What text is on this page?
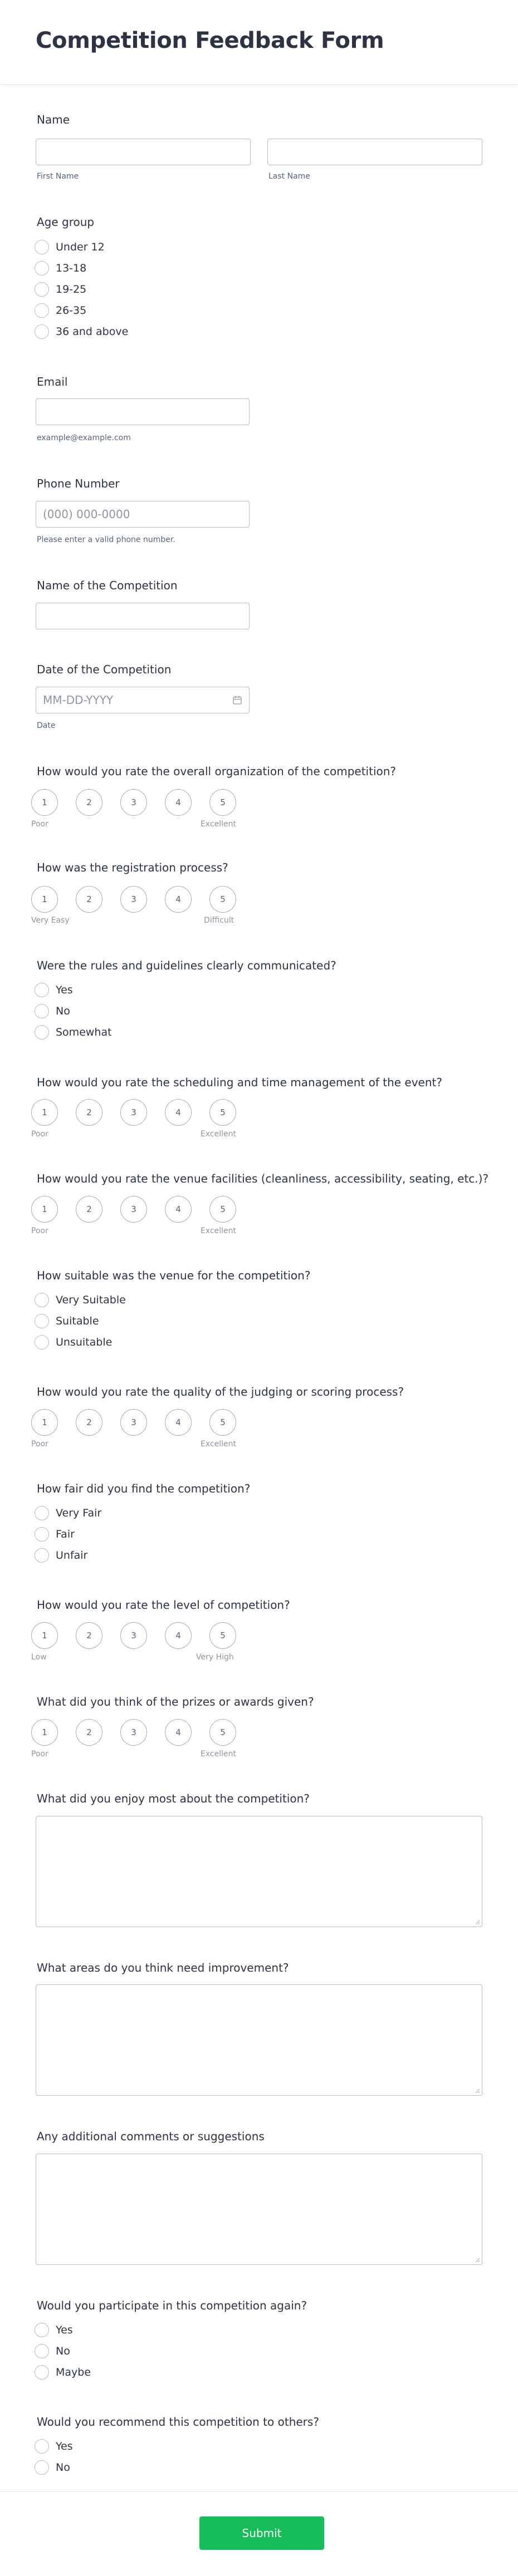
Competition Feedback Form
Name
First Name	Last Name
Age group
Under 12
13-18
19-25
26-35
36 and above
Email
example@example.com
Phone Number
(000) 000-0000
Please enter a valid phone number.
Name of the Competition
Date of the Competition
MM-DD-YYYY
Date
How would you rate the overall organization of the competition?
1	2	3	4	5
Poor	Excellent
How was the registration process?
1	2	3	4	5
Very Easy	Difficult
Were the rules and guidelines clearly communicated?
Yes
No
Somewhat
How would you rate the scheduling and time management of the event?
1	2	3	4	5
Poor	Excellent
How would you rate the venue facilities (cleanliness, accessibility, seating, etc.)?
1	2	3	4	5
Poor	Excellent
How suitable was the venue for the competition?
Very Suitable
Suitable
Unsuitable
How would you rate the quality of the judging or scoring process?
1	2	3	4	5
Poor	Excellent
How fair did you find the competition?
Very Fair
Fair
Unfair
How would you rate the level of competition?
1	2	3	4	5
Low	Very High
What did you think of the prizes or awards given?
1	2	3	4	5
Poor	Excellent
What did you enjoy most about the competition?
What areas do you think need improvement?
Any additional comments or suggestions
Would you participate in this competition again?
Yes
No
Maybe
Would you recommend this competition to others?
Yes
No
Submit
